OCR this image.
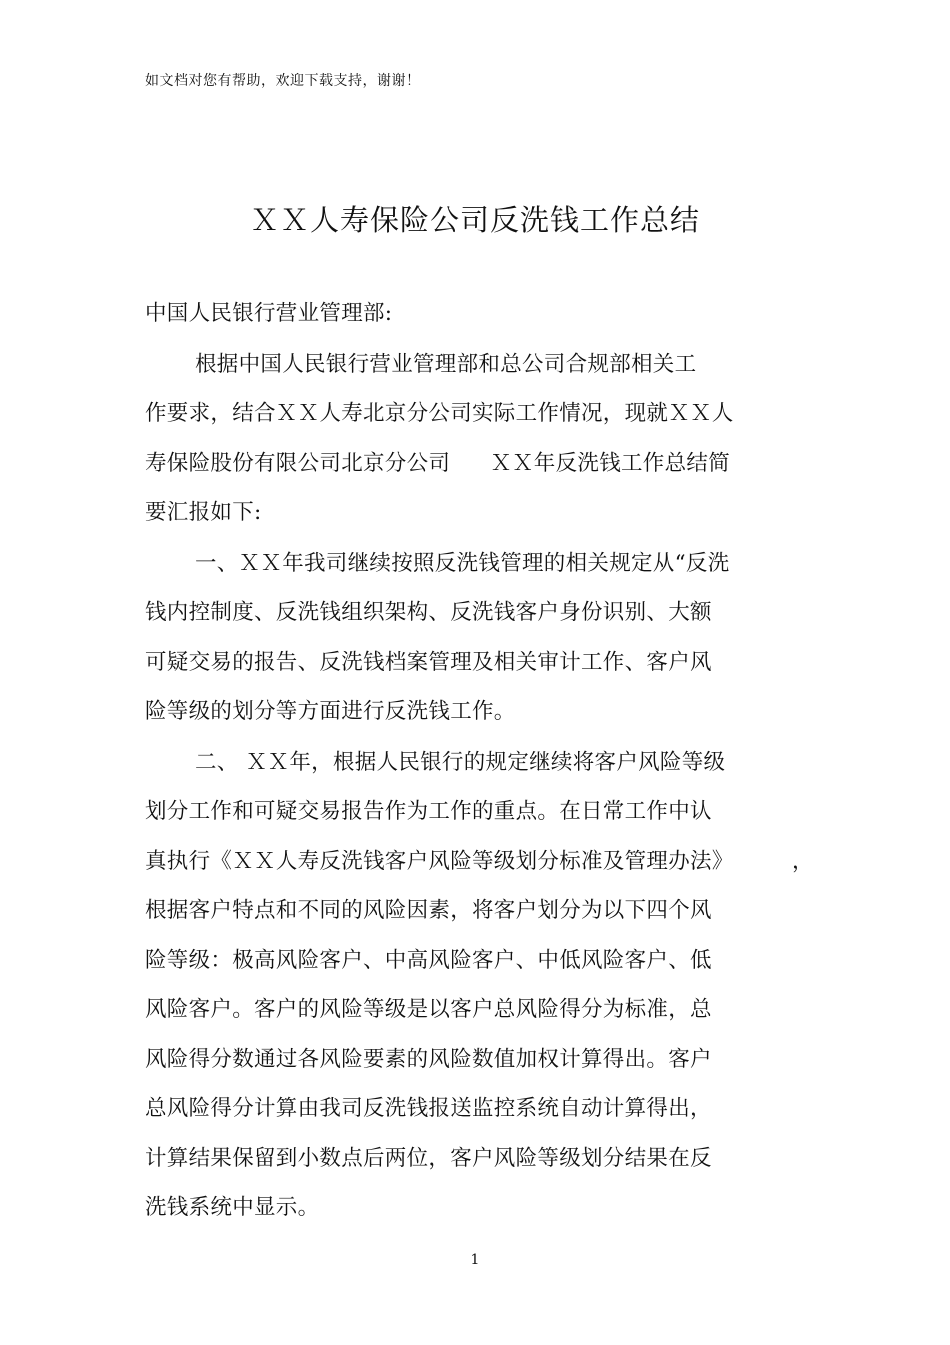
如文档对您有帮助，欢迎下载支持，谢谢！
ＸＸ人寿保险公司反洗钱工作总结
中国人民银行营业管理部:
根据中国人民银行营业管理部和总公司合规部相关工
作要求，结合ＸＸ人寿北京分公司实际工作情况，现就ＸＸ人
寿保险股份有限公司北京分公司 ＸＸ年反洗钱工作总结简
要汇报如下:
一、ＸＸ年我司继续按照反洗钱管理的相关规定从“反洗
钱内控制度、反洗钱组织架构、反洗钱客户身份识别、大额
可疑交易的报告、反洗钱档案管理及相关审计工作、客户风
险等级的划分等方面进行反洗钱工作。
二、 ＸＸ年，根据人民银行的规定继续将客户风险等级
划分工作和可疑交易报告作为工作的重点。在日常工作中认
真执行《ＸＸ人寿反洗钱客户风险等级划分标准及管理办法》	，
根据客户特点和不同的风险因素，将客户划分为以下四个风
险等级：极高风险客户、中高风险客户、中低风险客户、低
风险客户。客户的风险等级是以客户总风险得分为标准，总
风险得分数通过各风险要素的风险数值加权计算得出。客户
总风险得分计算由我司反洗钱报送监控系统自动计算得出，
计算结果保留到小数点后两位，客户风险等级划分结果在反
洗钱系统中显示。
1
